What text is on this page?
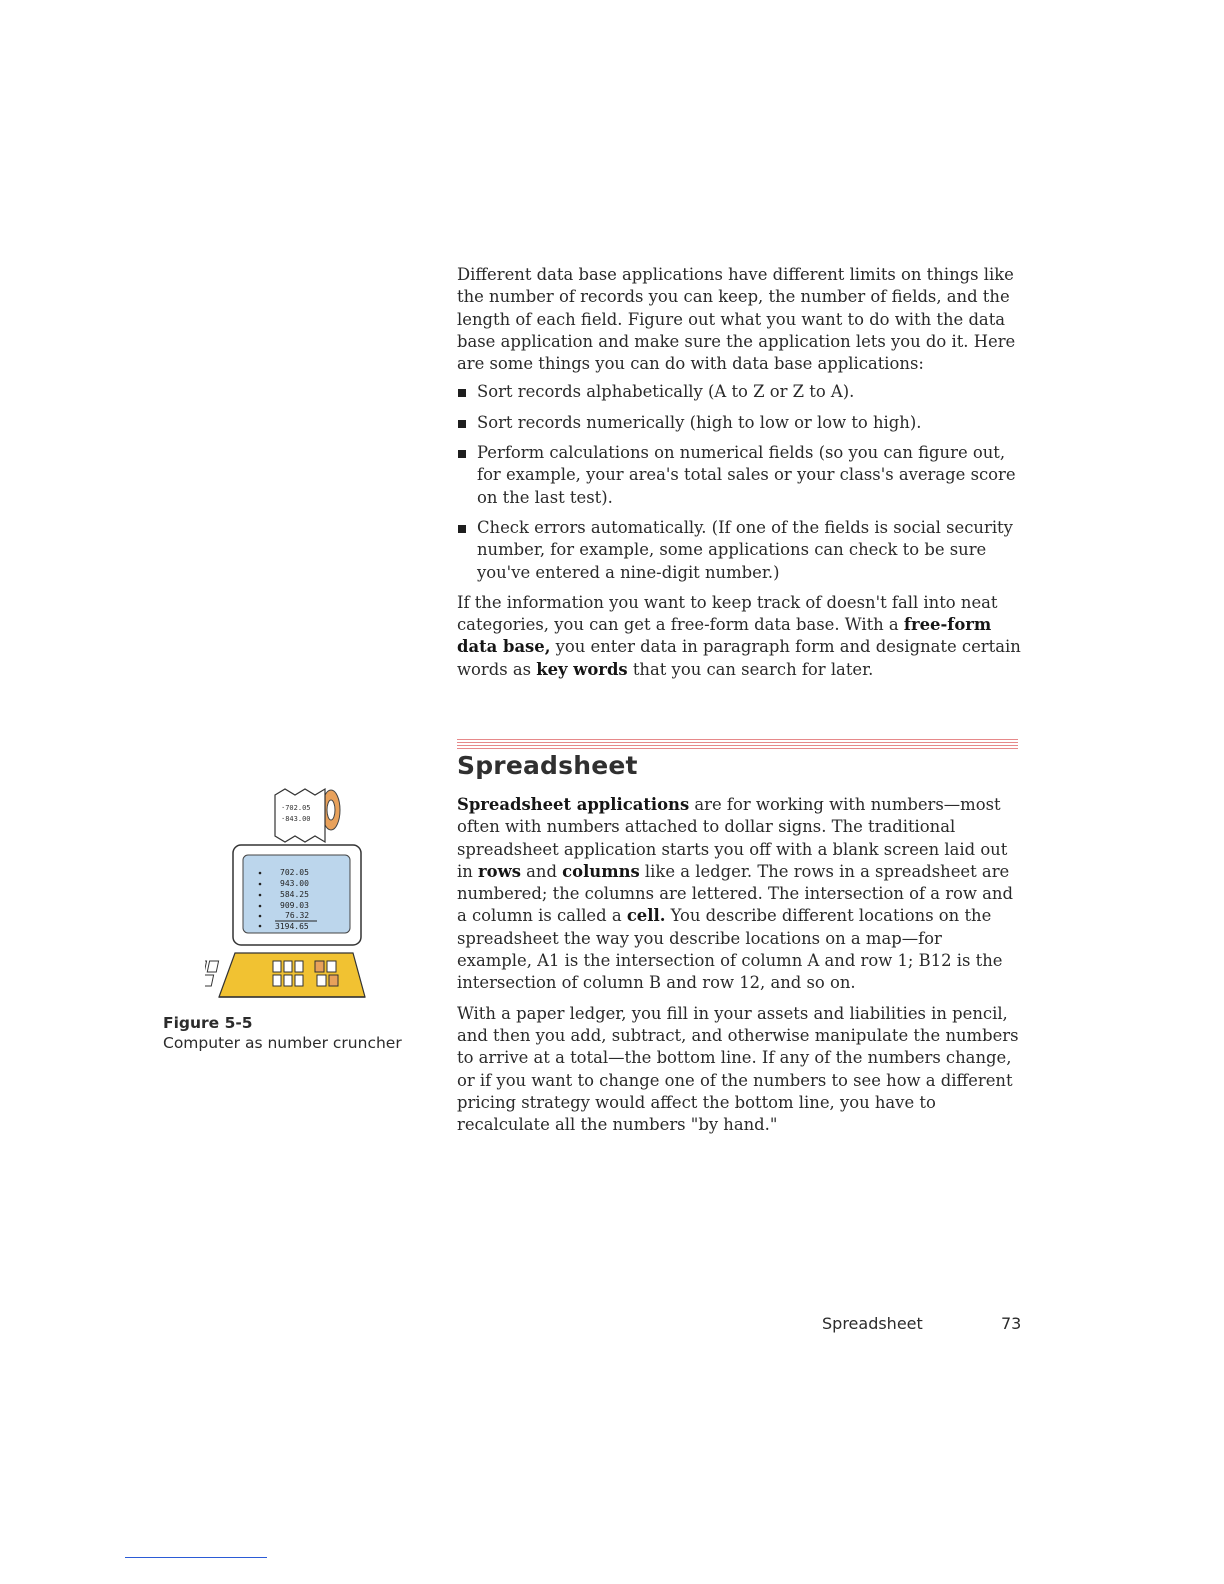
Different data base applications have different limits on things like the number of records you can keep, the number of fields, and the length of each field. Figure out what you want to do with the data base application and make sure the application lets you do it. Here are some things you can do with data base applications:

Sort records alphabetically (A to Z or Z to A).
Sort records numerically (high to low or low to high).
Perform calculations on numerical fields (so you can figure out, for example, your area's total sales or your class's average score on the last test).
Check errors automatically. (If one of the fields is social security number, for example, some applications can check to be sure you've entered a nine-digit number.)

If the information you want to keep track of doesn't fall into neat categories, you can get a free-form data base. With a free-form data base, you enter data in paragraph form and designate certain words as key words that you can search for later.

Spreadsheet

Spreadsheet applications are for working with numbers—most often with numbers attached to dollar signs. The traditional spreadsheet application starts you off with a blank screen laid out in rows and columns like a ledger. The rows in a spreadsheet are numbered; the columns are lettered. The intersection of a row and a column is called a cell. You describe different locations on the spreadsheet the way you describe locations on a map—for example, A1 is the intersection of column A and row 1; B12 is the intersection of column B and row 12, and so on.

With a paper ledger, you fill in your assets and liabilities in pencil, and then you add, subtract, and otherwise manipulate the numbers to arrive at a total—the bottom line. If any of the numbers change, or if you want to change one of the numbers to see how a different pricing strategy would affect the bottom line, you have to recalculate all the numbers "by hand."

·702.05
·843.00
702.05
943.00
584.25
909.03
76.32
3194.65
Figure 5-5
Computer as number cruncher
Spreadsheet	73
